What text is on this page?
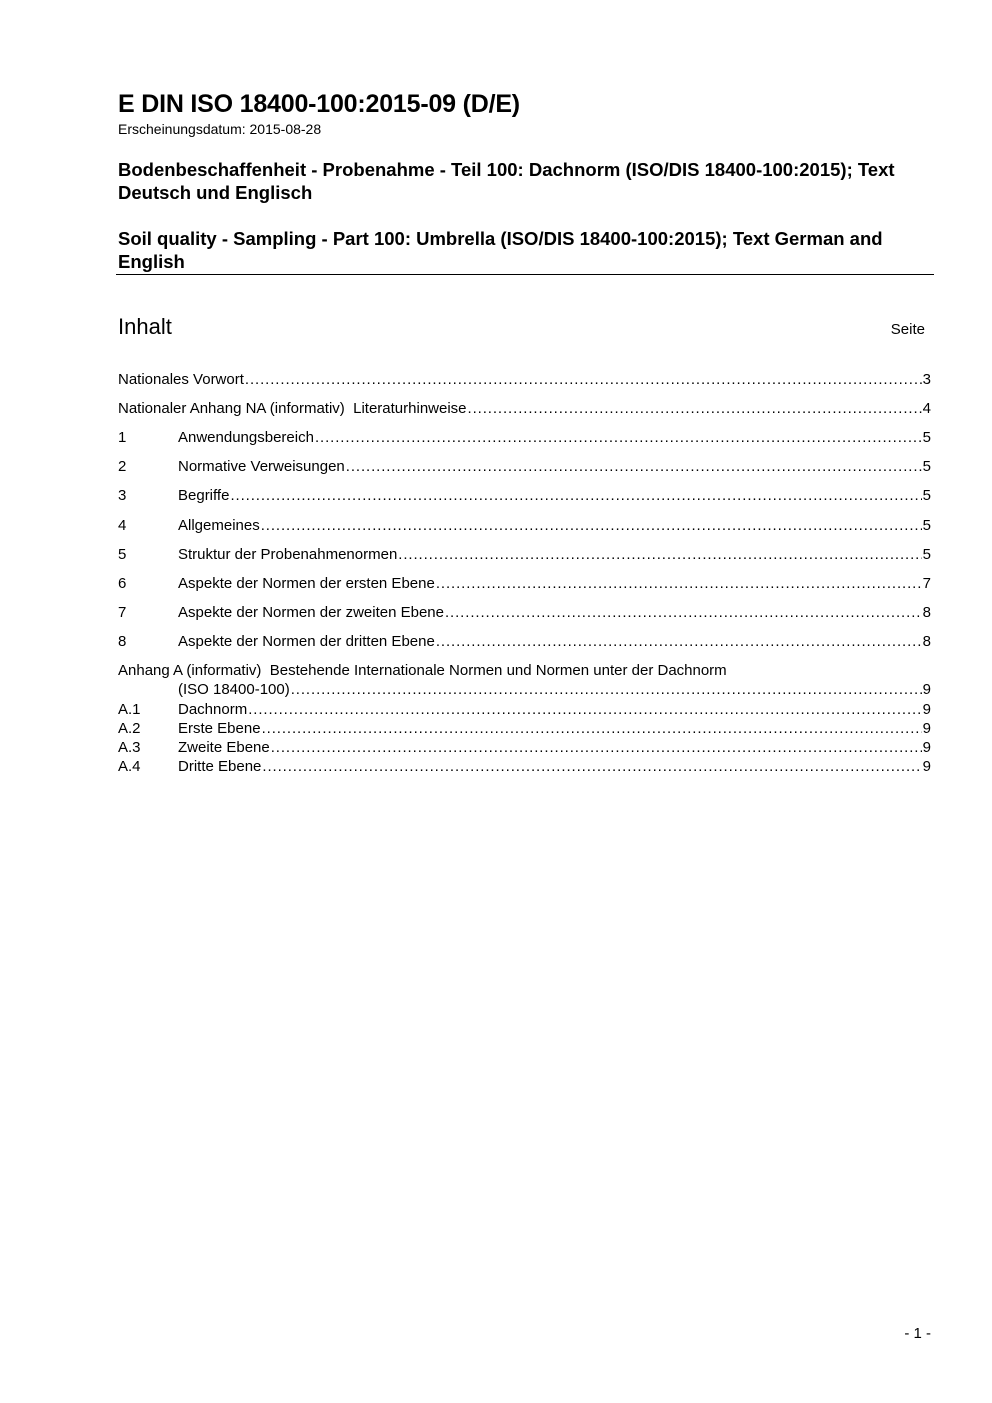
E DIN ISO 18400-100:2015-09 (D/E)
Erscheinungsdatum: 2015-08-28
Bodenbeschaffenheit - Probenahme - Teil 100: Dachnorm (ISO/DIS 18400-100:2015); Text Deutsch und Englisch
Soil quality - Sampling - Part 100: Umbrella (ISO/DIS 18400-100:2015); Text German and English
Inhalt	Seite
Nationales Vorwort .....	3
Nationaler Anhang NA (informativ)  Literaturhinweise .....	4
1	Anwendungsbereich .....	5
2	Normative Verweisungen .....	5
3	Begriffe .....	5
4	Allgemeines .....	5
5	Struktur der Probenahmenormen .....	5
6	Aspekte der Normen der ersten Ebene .....	7
7	Aspekte der Normen der zweiten Ebene .....	8
8	Aspekte der Normen der dritten Ebene .....	8
Anhang A (informativ)  Bestehende Internationale Normen und Normen unter der Dachnorm
(ISO 18400-100) .....	9
A.1	Dachnorm .....	9
A.2	Erste Ebene .....	9
A.3	Zweite Ebene .....	9
A.4	Dritte Ebene .....	9
- 1 -
